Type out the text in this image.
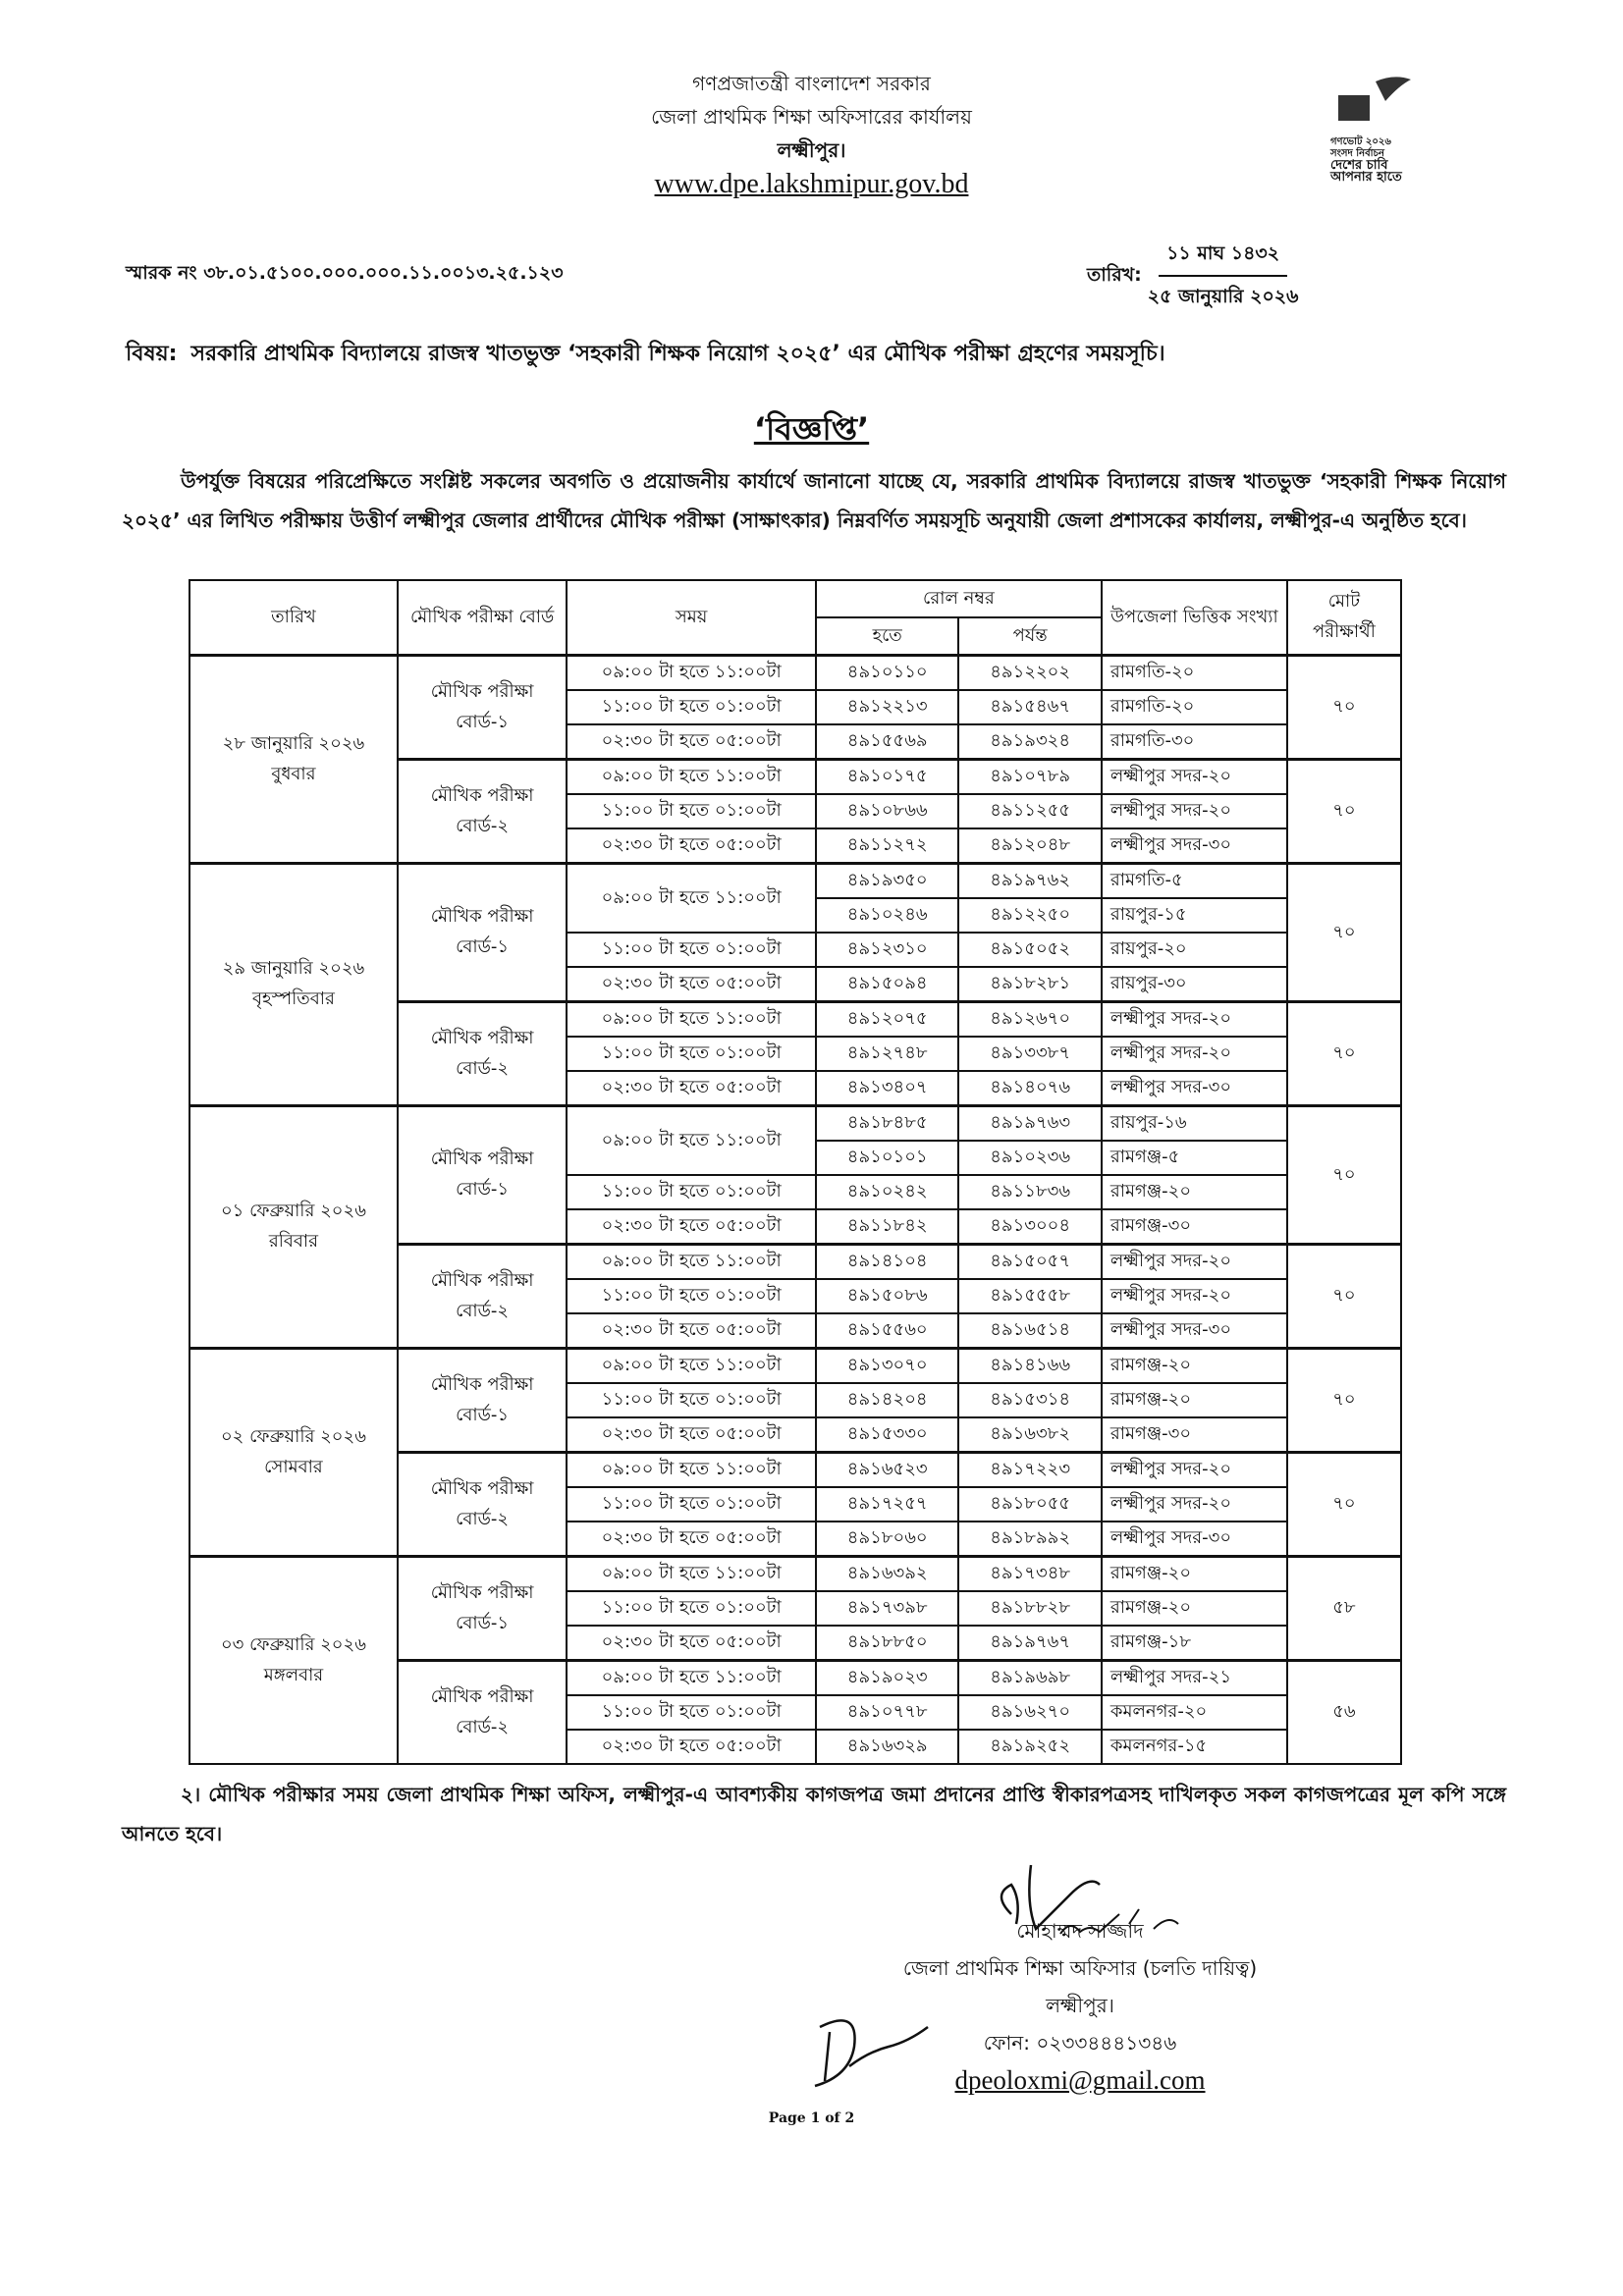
গণপ্রজাতন্ত্রী বাংলাদেশ সরকার
জেলা প্রাথমিক শিক্ষা অফিসারের কার্যালয়
লক্ষ্মীপুর।
www.dpe.lakshmipur.gov.bd
গণভোট ২০২৬
সংসদ নির্বাচন
দেশের চাবি
আপনার হাতে
স্মারক নং ৩৮.০১.৫১০০.০০০.০০০.১১.০০১৩.২৫.১২৩	তারিখ:
১১ মাঘ ১৪৩২
২৫ জানুয়ারি ২০২৬
বিষয়: সরকারি প্রাথমিক বিদ্যালয়ে রাজস্ব খাতভুক্ত ‘সহকারী শিক্ষক নিয়োগ ২০২৫’ এর মৌখিক পরীক্ষা গ্রহণের সময়সূচি।
‘বিজ্ঞপ্তি’
উপর্যুক্ত বিষয়ের পরিপ্রেক্ষিতে সংশ্লিষ্ট সকলের অবগতি ও প্রয়োজনীয় কার্যার্থে জানানো যাচ্ছে যে, সরকারি প্রাথমিক বিদ্যালয়ে রাজস্ব খাতভুক্ত ‘সহকারী শিক্ষক নিয়োগ ২০২৫’ এর লিখিত পরীক্ষায় উত্তীর্ণ লক্ষ্মীপুর জেলার প্রার্থীদের মৌখিক পরীক্ষা (সাক্ষাৎকার) নিম্নবর্ণিত সময়সূচি অনুযায়ী জেলা প্রশাসকের কার্যালয়, লক্ষ্মীপুর-এ অনুষ্ঠিত হবে।
তারিখ	মৌখিক পরীক্ষা বোর্ড	সময়	রোল নম্বর		উপজেলা ভিত্তিক সংখ্যা	মোট পরীক্ষার্থী
			হতে	পর্যন্ত		

২৮ জানুয়ারি ২০২৬
বুধবার	মৌখিক পরীক্ষা বোর্ড-১	০৯:০০ টা হতে ১১:০০টা	৪৯১০১১০	৪৯১২২০২	রামগতি-২০	৭০
		১১:০০ টা হতে ০১:০০টা	৪৯১২২১৩	৪৯১৫৪৬৭	রামগতি-২০	
		০২:৩০ টা হতে ০৫:০০টা	৪৯১৫৫৬৯	৪৯১৯৩২৪	রামগতি-৩০	
	মৌখিক পরীক্ষা বোর্ড-২	০৯:০০ টা হতে ১১:০০টা	৪৯১০১৭৫	৪৯১০৭৮৯	লক্ষ্মীপুর সদর-২০	৭০
		১১:০০ টা হতে ০১:০০টা	৪৯১০৮৬৬	৪৯১১২৫৫	লক্ষ্মীপুর সদর-২০	
		০২:৩০ টা হতে ০৫:০০টা	৪৯১১২৭২	৪৯১২০৪৮	লক্ষ্মীপুর সদর-৩০	

২৯ জানুয়ারি ২০২৬
বৃহস্পতিবার	মৌখিক পরীক্ষা বোর্ড-১	০৯:০০ টা হতে ১১:০০টা	৪৯১৯৩৫০	৪৯১৯৭৬২	রামগতি-৫	৭০
			৪৯১০২৪৬	৪৯১২২৫০	রায়পুর-১৫	
		১১:০০ টা হতে ০১:০০টা	৪৯১২৩১০	৪৯১৫০৫২	রায়পুর-২০	
		০২:৩০ টা হতে ০৫:০০টা	৪৯১৫০৯৪	৪৯১৮২৮১	রায়পুর-৩০	
	মৌখিক পরীক্ষা বোর্ড-২	০৯:০০ টা হতে ১১:০০টা	৪৯১২০৭৫	৪৯১২৬৭০	লক্ষ্মীপুর সদর-২০	৭০
		১১:০০ টা হতে ০১:০০টা	৪৯১২৭৪৮	৪৯১৩৩৮৭	লক্ষ্মীপুর সদর-২০	
		০২:৩০ টা হতে ০৫:০০টা	৪৯১৩৪০৭	৪৯১৪০৭৬	লক্ষ্মীপুর সদর-৩০	

০১ ফেব্রুয়ারি ২০২৬
রবিবার	মৌখিক পরীক্ষা বোর্ড-১	০৯:০০ টা হতে ১১:০০টা	৪৯১৮৪৮৫	৪৯১৯৭৬৩	রায়পুর-১৬	৭০
			৪৯১০১০১	৪৯১০২৩৬	রামগঞ্জ-৫	
		১১:০০ টা হতে ০১:০০টা	৪৯১০২৪২	৪৯১১৮৩৬	রামগঞ্জ-২০	
		০২:৩০ টা হতে ০৫:০০টা	৪৯১১৮৪২	৪৯১৩০০৪	রামগঞ্জ-৩০	
	মৌখিক পরীক্ষা বোর্ড-২	০৯:০০ টা হতে ১১:০০টা	৪৯১৪১০৪	৪৯১৫০৫৭	লক্ষ্মীপুর সদর-২০	৭০
		১১:০০ টা হতে ০১:০০টা	৪৯১৫০৮৬	৪৯১৫৫৫৮	লক্ষ্মীপুর সদর-২০	
		০২:৩০ টা হতে ০৫:০০টা	৪৯১৫৫৬০	৪৯১৬৫১৪	লক্ষ্মীপুর সদর-৩০	

০২ ফেব্রুয়ারি ২০২৬
সোমবার	মৌখিক পরীক্ষা বোর্ড-১	০৯:০০ টা হতে ১১:০০টা	৪৯১৩০৭০	৪৯১৪১৬৬	রামগঞ্জ-২০	৭০
		১১:০০ টা হতে ০১:০০টা	৪৯১৪২০৪	৪৯১৫৩১৪	রামগঞ্জ-২০	
		০২:৩০ টা হতে ০৫:০০টা	৪৯১৫৩৩০	৪৯১৬৩৮২	রামগঞ্জ-৩০	
	মৌখিক পরীক্ষা বোর্ড-২	০৯:০০ টা হতে ১১:০০টা	৪৯১৬৫২৩	৪৯১৭২২৩	লক্ষ্মীপুর সদর-২০	৭০
		১১:০০ টা হতে ০১:০০টা	৪৯১৭২৫৭	৪৯১৮০৫৫	লক্ষ্মীপুর সদর-২০	
		০২:৩০ টা হতে ০৫:০০টা	৪৯১৮০৬০	৪৯১৮৯৯২	লক্ষ্মীপুর সদর-৩০	

০৩ ফেব্রুয়ারি ২০২৬
মঙ্গলবার	মৌখিক পরীক্ষা বোর্ড-১	০৯:০০ টা হতে ১১:০০টা	৪৯১৬৩৯২	৪৯১৭৩৪৮	রামগঞ্জ-২০	৫৮
		১১:০০ টা হতে ০১:০০টা	৪৯১৭৩৯৮	৪৯১৮৮২৮	রামগঞ্জ-২০	
		০২:৩০ টা হতে ০৫:০০টা	৪৯১৮৮৫০	৪৯১৯৭৬৭	রামগঞ্জ-১৮	
	মৌখিক পরীক্ষা বোর্ড-২	০৯:০০ টা হতে ১১:০০টা	৪৯১৯০২৩	৪৯১৯৬৯৮	লক্ষ্মীপুর সদর-২১	৫৬
		১১:০০ টা হতে ০১:০০টা	৪৯১০৭৭৮	৪৯১৬২৭০	কমলনগর-২০	
		০২:৩০ টা হতে ০৫:০০টা	৪৯১৬৩২৯	৪৯১৯২৫২	কমলনগর-১৫	
২। মৌখিক পরীক্ষার সময় জেলা প্রাথমিক শিক্ষা অফিস, লক্ষ্মীপুর-এ আবশ্যকীয় কাগজপত্র জমা প্রদানের প্রাপ্তি স্বীকারপত্রসহ দাখিলকৃত সকল কাগজপত্রের মূল কপি সঙ্গে আনতে হবে।
মোহাম্মদ সাজ্জাদ
জেলা প্রাথমিক শিক্ষা অফিসার (চলতি দায়িত্ব)
লক্ষ্মীপুর।
ফোন: ০২৩৩৪৪৪১৩৪৬
dpeoloxmi@gmail.com
Page 1 of 2
